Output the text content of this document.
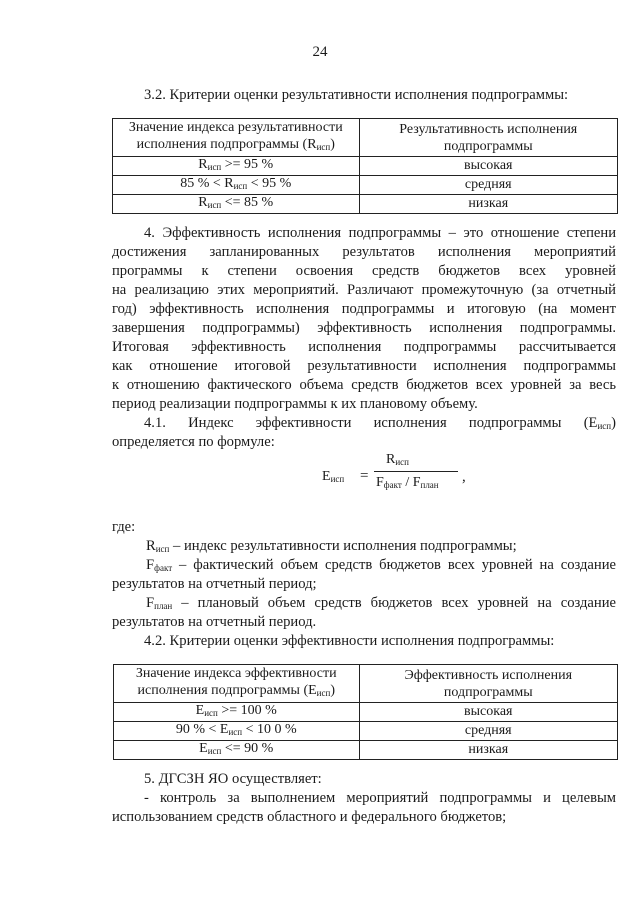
24
3.2. Критерии оценки результативности исполнения подпрограммы:
Значение индекса результативности
исполнения подпрограммы $(R_{исп})$	Результативность исполнения
подпрограммы
$R_{исп} >= 95$ %	высокая
85 % < $R_{исп} < 95$ %	средняя
$R_{исп} <= 85$ %	низкая
4. Эффективность исполнения подпрограммы – это отношение степени
достижения запланированных результатов исполнения мероприятий
программы к степени освоения средств бюджетов всех уровней
на реализацию этих мероприятий. Различают промежуточную (за отчетный
год) эффективность исполнения подпрограммы и итоговую (на момент
завершения подпрограммы) эффективность исполнения подпрограммы.
Итоговая эффективность исполнения подпрограммы рассчитывается
как отношение итоговой результативности исполнения подпрограммы
к отношению фактического объема средств бюджетов всех уровней за весь
период реализации подпрограммы к их плановому объему.
4.1. Индекс эффективности исполнения подпрограммы $(E_{исп})$
определяется по формуле:
$E_{исп}$ =
$R_{исп}$
$F_{факт} / F_{план}$ ,
где:
$R_{исп}$ – индекс результативности исполнения подпрограммы;
$F_{факт}$ – фактический объем средств бюджетов всех уровней на создание
результатов на отчетный период;
$F_{план}$ – плановый объем средств бюджетов всех уровней на создание
результатов на отчетный период.
4.2. Критерии оценки эффективности исполнения подпрограммы:
Значение индекса эффективности
исполнения подпрограммы $(E_{исп})$	Эффективность исполнения
подпрограммы
$E_{исп} >= 100$ %	высокая
90 % < $E_{исп} < 10$ 0 %	средняя
$E_{исп} <= 90$ %	низкая
5. ДГСЗН ЯО осуществляет:
- контроль за выполнением мероприятий подпрограммы и целевым
использованием средств областного и федерального бюджетов;
